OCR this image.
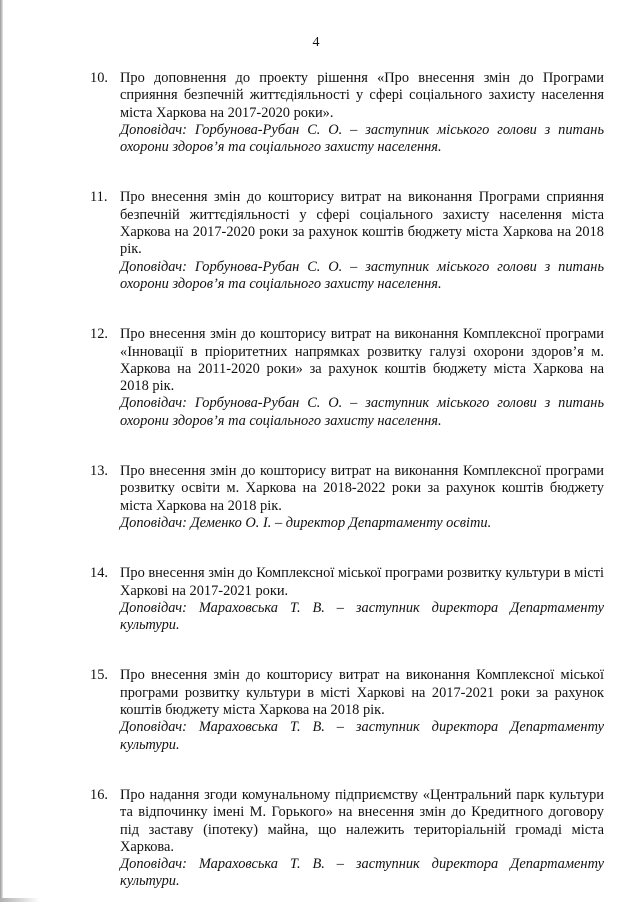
4
10. Про доповнення до проекту рішення «Про внесення змін до Програми сприяння безпечній життєдіяльності у сфері соціального захисту населення міста Харкова на 2017-2020 роки».
Доповідач: Горбунова-Рубан С. О. – заступник міського голови з питань охорони здоров’я та соціального захисту населення.
11. Про внесення змін до кошторису витрат на виконання Програми сприяння безпечній життєдіяльності у сфері соціального захисту населення міста Харкова на 2017-2020 роки за рахунок коштів бюджету міста Харкова на 2018 рік.
Доповідач: Горбунова-Рубан С. О. – заступник міського голови з питань охорони здоров’я та соціального захисту населення.
12. Про внесення змін до кошторису витрат на виконання Комплексної програми «Інновації в пріоритетних напрямках розвитку галузі охорони здоров’я м. Харкова на 2011-2020 роки» за рахунок коштів бюджету міста Харкова на 2018 рік.
Доповідач: Горбунова-Рубан С. О. – заступник міського голови з питань охорони здоров’я та соціального захисту населення.
13. Про внесення змін до кошторису витрат на виконання Комплексної програми розвитку освіти м. Харкова на 2018-2022 роки за рахунок коштів бюджету міста Харкова на 2018 рік.
Доповідач: Деменко О. І. – директор Департаменту освіти.
14. Про внесення змін до Комплексної міської програми розвитку культури в місті Харкові на 2017-2021 роки.
Доповідач: Мараховська Т. В. – заступник директора Департаменту культури.
15. Про внесення змін до кошторису витрат на виконання Комплексної міської програми розвитку культури в місті Харкові на 2017-2021 роки за рахунок коштів бюджету міста Харкова на 2018 рік.
Доповідач: Мараховська Т. В. – заступник директора Департаменту культури.
16. Про надання згоди комунальному підприємству «Центральний парк культури та відпочинку імені М. Горького» на внесення змін до Кредитного договору під заставу (іпотеку) майна, що належить територіальній громаді міста Харкова.
Доповідач: Мараховська Т. В. – заступник директора Департаменту культури.
